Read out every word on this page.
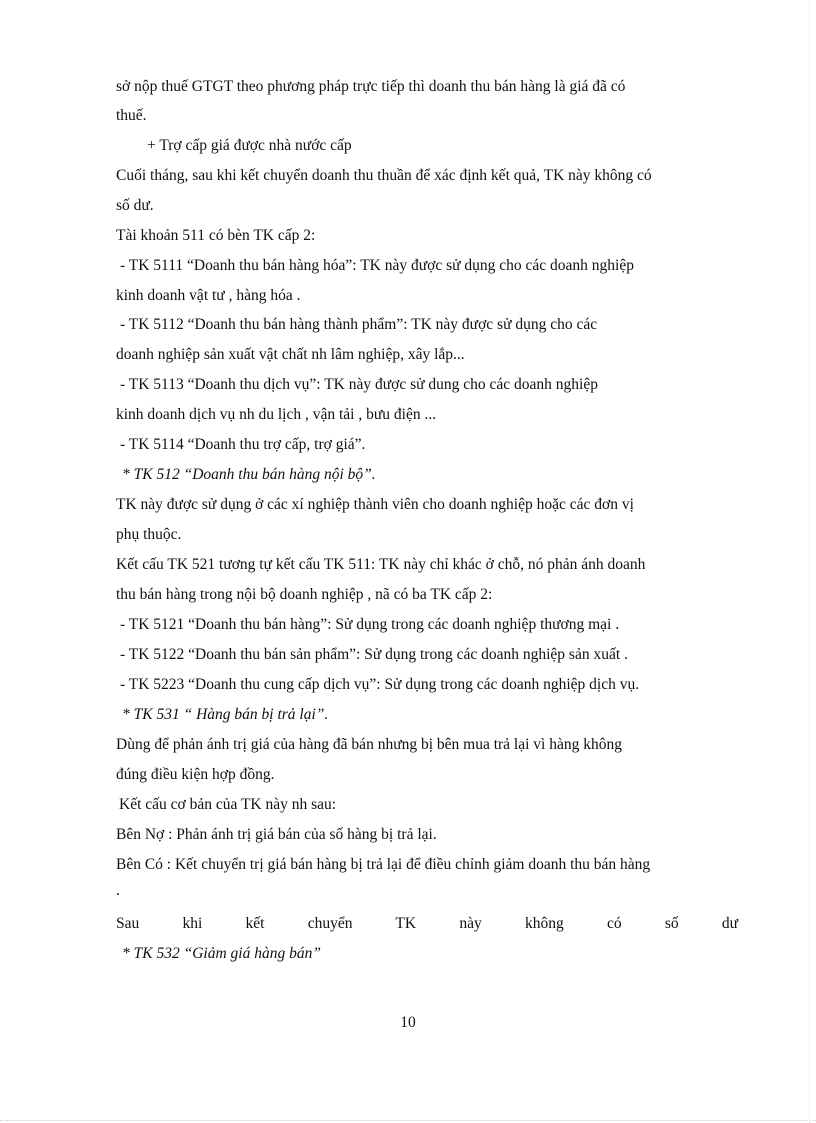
sở nộp thuế GTGT theo phương pháp trực tiếp thì doanh thu bán hàng là giá đã có
thuế.
+ Trợ cấp giá được nhà nước cấp
Cuối tháng, sau khi kết chuyển doanh thu thuần để xác định kết quả, TK này không có
số dư.
Tài khoản 511 có bèn TK cấp 2:
- TK 5111 “Doanh thu bán hàng hóa”: TK này được sử dụng cho các doanh nghiệp
kinh doanh vật tư , hàng hóa .
- TK 5112 “Doanh thu bán hàng thành phẩm”: TK này được sử dụng cho các
doanh nghiệp sản xuất vật chất nh lâm nghiệp, xây lắp...
- TK 5113 “Doanh thu dịch vụ”: TK này được sử dung cho các doanh nghiệp
kinh doanh dịch vụ nh du lịch , vận tải , bưu điện ...
- TK 5114 “Doanh thu trợ cấp, trợ giá”.
* TK 512 “Doanh thu bán hàng nội bộ”.
TK này được sử dụng ở các xí nghiệp thành viên cho doanh nghiệp hoặc các đơn vị
phụ thuộc.
Kết cấu TK 521 tương tự kết cấu TK 511: TK này chỉ khác ở chỗ, nó phản ánh doanh
thu bán hàng trong nội bộ doanh nghiệp , nã có ba TK cấp 2:
- TK 5121 “Doanh thu bán hàng”: Sử dụng trong các doanh nghiệp thương mại .
- TK 5122 “Doanh thu bán sản phẩm”: Sử dụng trong các doanh nghiệp sản xuất .
- TK 5223 “Doanh thu cung cấp dịch vụ”: Sử dụng trong các doanh nghiệp dịch vụ.
* TK 531 “ Hàng bán bị trả lại”.
Dùng để phản ánh trị giá của hàng đã bán nhưng bị bên mua trả lại vì hàng không
đúng điều kiện hợp đồng.
Kết cấu cơ bản của TK này nh sau:
Bên Nợ : Phản ánh trị giá bán của số hàng bị trả lại.
Bên Có : Kết chuyển trị giá bán hàng bị trả lại để điều chỉnh giảm doanh thu bán hàng
.
Sau khi kết chuyển TK này không có số dư
* TK 532 “Giảm giá hàng bán”
10
